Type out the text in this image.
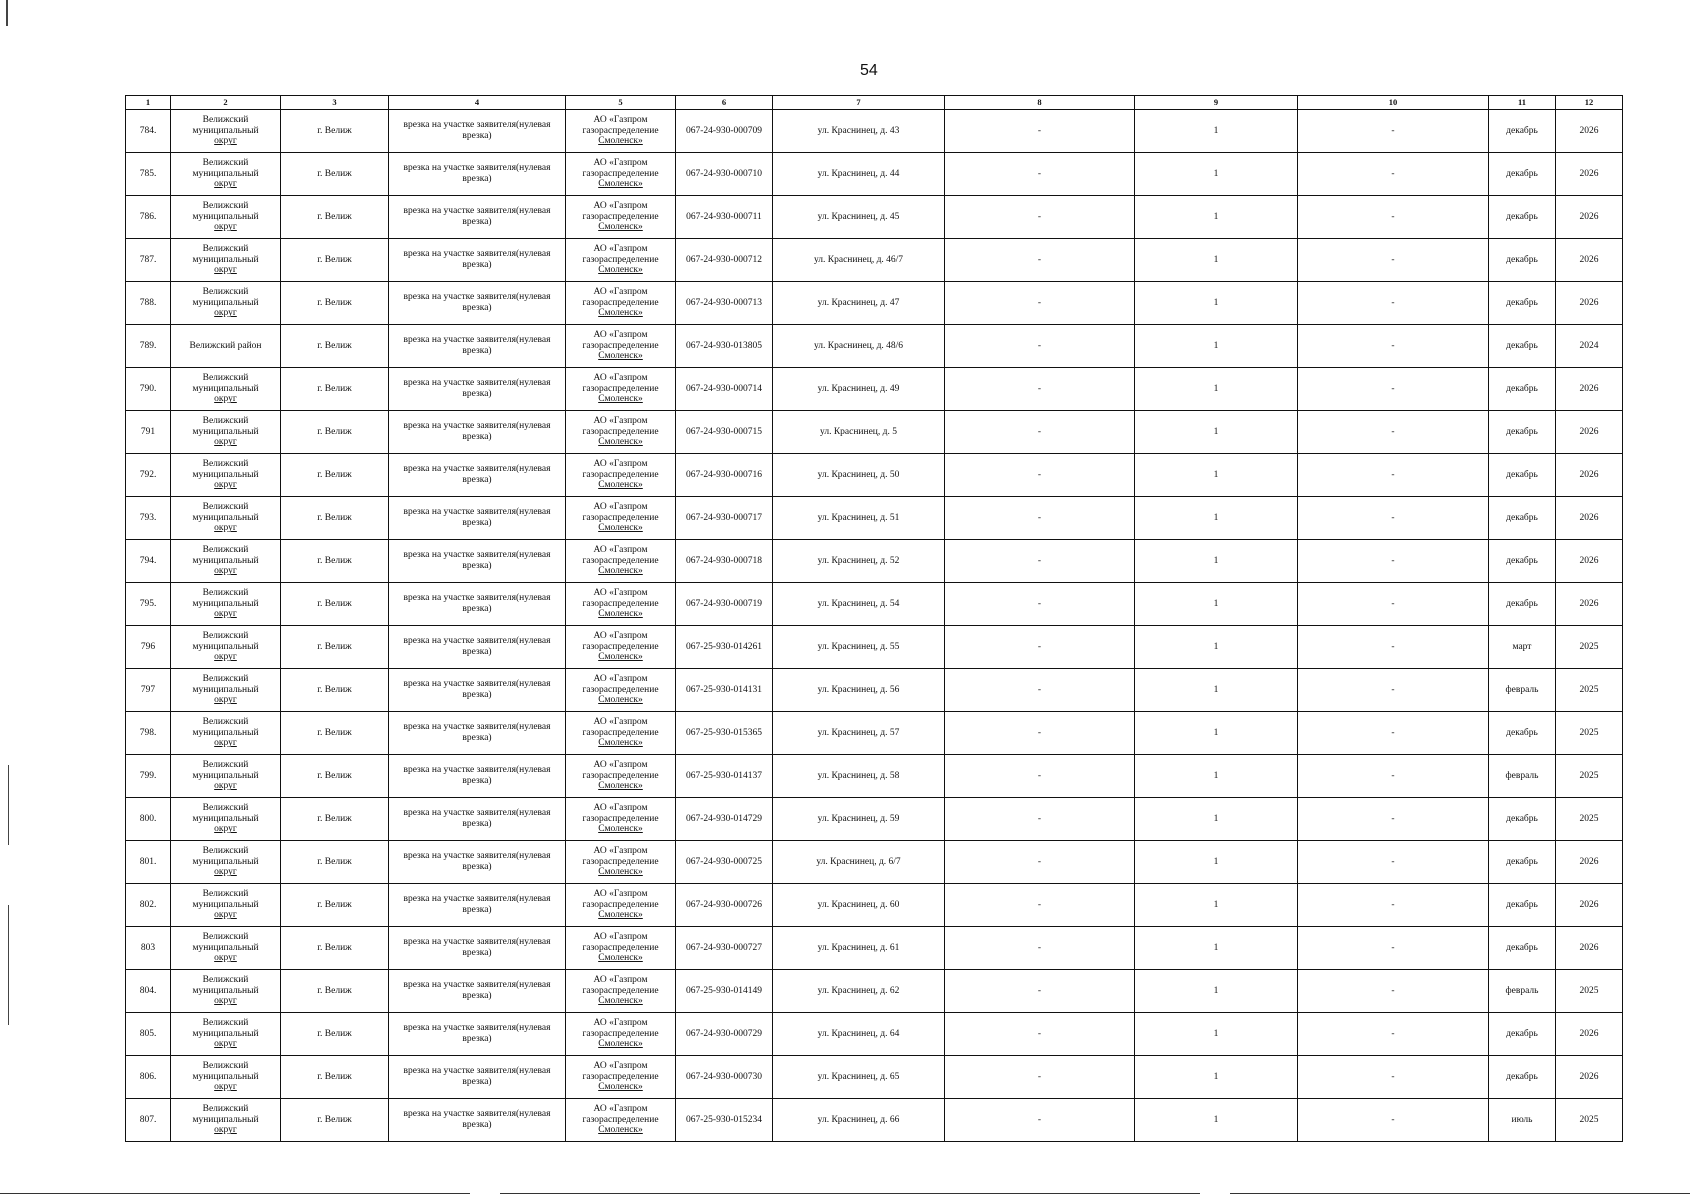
54
1	2	3	4	5	6	7	8	9	10	11	12
784.	Велижский
муниципальный
округ	г. Велиж	врезка на участке заявителя(нулевая врезка)	АО «Газпром
газораспределение
Смоленск»	067-24-930-000709	ул. Краснинец, д. 43	-	1	-	декабрь	2026
785.	Велижский
муниципальный
округ	г. Велиж	врезка на участке заявителя(нулевая врезка)	АО «Газпром
газораспределение
Смоленск»	067-24-930-000710	ул. Краснинец, д. 44	-	1	-	декабрь	2026
786.	Велижский
муниципальный
округ	г. Велиж	врезка на участке заявителя(нулевая врезка)	АО «Газпром
газораспределение
Смоленск»	067-24-930-000711	ул. Краснинец, д. 45	-	1	-	декабрь	2026
787.	Велижский
муниципальный
округ	г. Велиж	врезка на участке заявителя(нулевая врезка)	АО «Газпром
газораспределение
Смоленск»	067-24-930-000712	ул. Краснинец, д. 46/7	-	1	-	декабрь	2026
788.	Велижский
муниципальный
округ	г. Велиж	врезка на участке заявителя(нулевая врезка)	АО «Газпром
газораспределение
Смоленск»	067-24-930-000713	ул. Краснинец, д. 47	-	1	-	декабрь	2026
789.	Велижский район	г. Велиж	врезка на участке заявителя(нулевая врезка)	АО «Газпром
газораспределение
Смоленск»	067-24-930-013805	ул. Краснинец, д. 48/6	-	1	-	декабрь	2024
790.	Велижский
муниципальный
округ	г. Велиж	врезка на участке заявителя(нулевая врезка)	АО «Газпром
газораспределение
Смоленск»	067-24-930-000714	ул. Краснинец, д. 49	-	1	-	декабрь	2026
791	Велижский
муниципальный
округ	г. Велиж	врезка на участке заявителя(нулевая врезка)	АО «Газпром
газораспределение
Смоленск»	067-24-930-000715	ул. Краснинец, д. 5	-	1	-	декабрь	2026
792.	Велижский
муниципальный
округ	г. Велиж	врезка на участке заявителя(нулевая врезка)	АО «Газпром
газораспределение
Смоленск»	067-24-930-000716	ул. Краснинец, д. 50	-	1	-	декабрь	2026
793.	Велижский
муниципальный
округ	г. Велиж	врезка на участке заявителя(нулевая врезка)	АО «Газпром
газораспределение
Смоленск»	067-24-930-000717	ул. Краснинец, д. 51	-	1	-	декабрь	2026
794.	Велижский
муниципальный
округ	г. Велиж	врезка на участке заявителя(нулевая врезка)	АО «Газпром
газораспределение
Смоленск»	067-24-930-000718	ул. Краснинец, д. 52	-	1	-	декабрь	2026
795.	Велижский
муниципальный
округ	г. Велиж	врезка на участке заявителя(нулевая врезка)	АО «Газпром
газораспределение
Смоленск»	067-24-930-000719	ул. Краснинец, д. 54	-	1	-	декабрь	2026
796	Велижский
муниципальный
округ	г. Велиж	врезка на участке заявителя(нулевая врезка)	АО «Газпром
газораспределение
Смоленск»	067-25-930-014261	ул. Краснинец, д. 55	-	1	-	март	2025
797	Велижский
муниципальный
округ	г. Велиж	врезка на участке заявителя(нулевая врезка)	АО «Газпром
газораспределение
Смоленск»	067-25-930-014131	ул. Краснинец, д. 56	-	1	-	февраль	2025
798.	Велижский
муниципальный
округ	г. Велиж	врезка на участке заявителя(нулевая врезка)	АО «Газпром
газораспределение
Смоленск»	067-25-930-015365	ул. Краснинец, д. 57	-	1	-	декабрь	2025
799.	Велижский
муниципальный
округ	г. Велиж	врезка на участке заявителя(нулевая врезка)	АО «Газпром
газораспределение
Смоленск»	067-25-930-014137	ул. Краснинец, д. 58	-	1	-	февраль	2025
800.	Велижский
муниципальный
округ	г. Велиж	врезка на участке заявителя(нулевая врезка)	АО «Газпром
газораспределение
Смоленск»	067-24-930-014729	ул. Краснинец, д. 59	-	1	-	декабрь	2025
801.	Велижский
муниципальный
округ	г. Велиж	врезка на участке заявителя(нулевая врезка)	АО «Газпром
газораспределение
Смоленск»	067-24-930-000725	ул. Краснинец, д. 6/7	-	1	-	декабрь	2026
802.	Велижский
муниципальный
округ	г. Велиж	врезка на участке заявителя(нулевая врезка)	АО «Газпром
газораспределение
Смоленск»	067-24-930-000726	ул. Краснинец, д. 60	-	1	-	декабрь	2026
803	Велижский
муниципальный
округ	г. Велиж	врезка на участке заявителя(нулевая врезка)	АО «Газпром
газораспределение
Смоленск»	067-24-930-000727	ул. Краснинец, д. 61	-	1	-	декабрь	2026
804.	Велижский
муниципальный
округ	г. Велиж	врезка на участке заявителя(нулевая врезка)	АО «Газпром
газораспределение
Смоленск»	067-25-930-014149	ул. Краснинец, д. 62	-	1	-	февраль	2025
805.	Велижский
муниципальный
округ	г. Велиж	врезка на участке заявителя(нулевая врезка)	АО «Газпром
газораспределение
Смоленск»	067-24-930-000729	ул. Краснинец, д. 64	-	1	-	декабрь	2026
806.	Велижский
муниципальный
округ	г. Велиж	врезка на участке заявителя(нулевая врезка)	АО «Газпром
газораспределение
Смоленск»	067-24-930-000730	ул. Краснинец, д. 65	-	1	-	декабрь	2026
807.	Велижский
муниципальный
округ	г. Велиж	врезка на участке заявителя(нулевая врезка)	АО «Газпром
газораспределение
Смоленск»	067-25-930-015234	ул. Краснинец, д. 66	-	1	-	июль	2025
